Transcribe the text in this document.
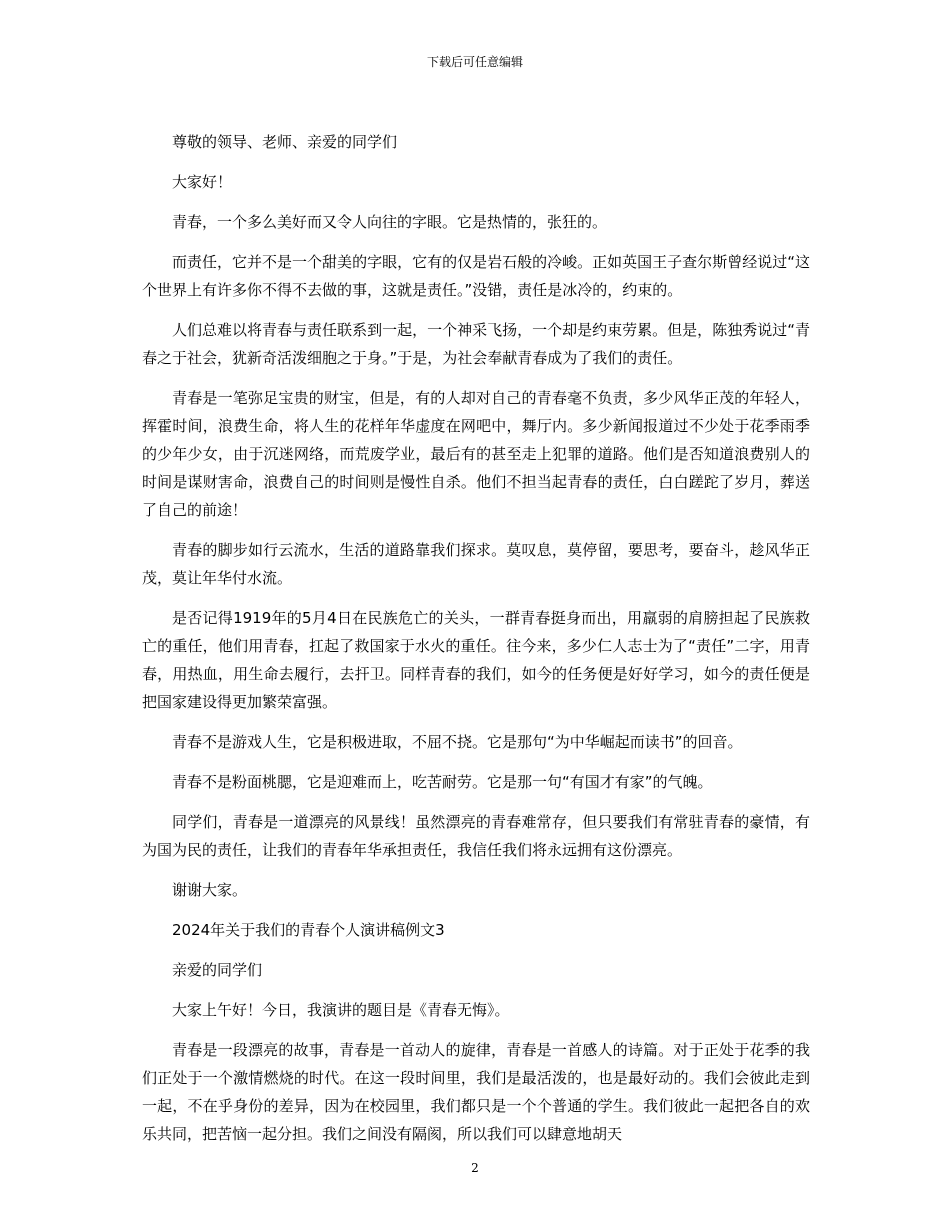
下载后可任意编辑

尊敬的领导、老师、亲爱的同学们

大家好！

青春，一个多么美好而又令人向往的字眼。它是热情的，张狂的。

而责任，它并不是一个甜美的字眼，它有的仅是岩石般的冷峻。正如英国王子查尔斯曾经说过“这个世界上有许多你不得不去做的事，这就是责任。”没错，责任是冰冷的，约束的。

人们总难以将青春与责任联系到一起，一个神采飞扬，一个却是约束劳累。但是，陈独秀说过“青春之于社会，犹新奇活泼细胞之于身。”于是，为社会奉献青春成为了我们的责任。

青春是一笔弥足宝贵的财宝，但是，有的人却对自己的青春毫不负责，多少风华正茂的年轻人，挥霍时间，浪费生命，将人生的花样年华虚度在网吧中，舞厅内。多少新闻报道过不少处于花季雨季的少年少女，由于沉迷网络，而荒废学业，最后有的甚至走上犯罪的道路。他们是否知道浪费别人的时间是谋财害命，浪费自己的时间则是慢性自杀。他们不担当起青春的责任，白白蹉跎了岁月，葬送了自己的前途！

青春的脚步如行云流水，生活的道路靠我们探求。莫叹息，莫停留，要思考，要奋斗，趁风华正茂，莫让年华付水流。

是否记得1919年的5月4日在民族危亡的关头，一群青春挺身而出，用羸弱的肩膀担起了民族救亡的重任，他们用青春，扛起了救国家于水火的重任。往今来，多少仁人志士为了“责任”二字，用青春，用热血，用生命去履行，去扞卫。同样青春的我们，如今的任务便是好好学习，如今的责任便是把国家建设得更加繁荣富强。

青春不是游戏人生，它是积极进取，不屈不挠。它是那句“为中华崛起而读书”的回音。

青春不是粉面桃腮，它是迎难而上，吃苦耐劳。它是那一句“有国才有家”的气魄。

同学们，青春是一道漂亮的风景线！虽然漂亮的青春难常存，但只要我们有常驻青春的豪情，有为国为民的责任，让我们的青春年华承担责任，我信任我们将永远拥有这份漂亮。

谢谢大家。

2024年关于我们的青春个人演讲稿例文3

亲爱的同学们

大家上午好！今日，我演讲的题目是《青春无悔》。

青春是一段漂亮的故事，青春是一首动人的旋律，青春是一首感人的诗篇。对于正处于花季的我们正处于一个激情燃烧的时代。在这一段时间里，我们是最活泼的，也是最好动的。我们会彼此走到一起，不在乎身份的差异，因为在校园里，我们都只是一个个普通的学生。我们彼此一起把各自的欢乐共同，把苦恼一起分担。我们之间没有隔阂，所以我们可以肆意地胡天

2
